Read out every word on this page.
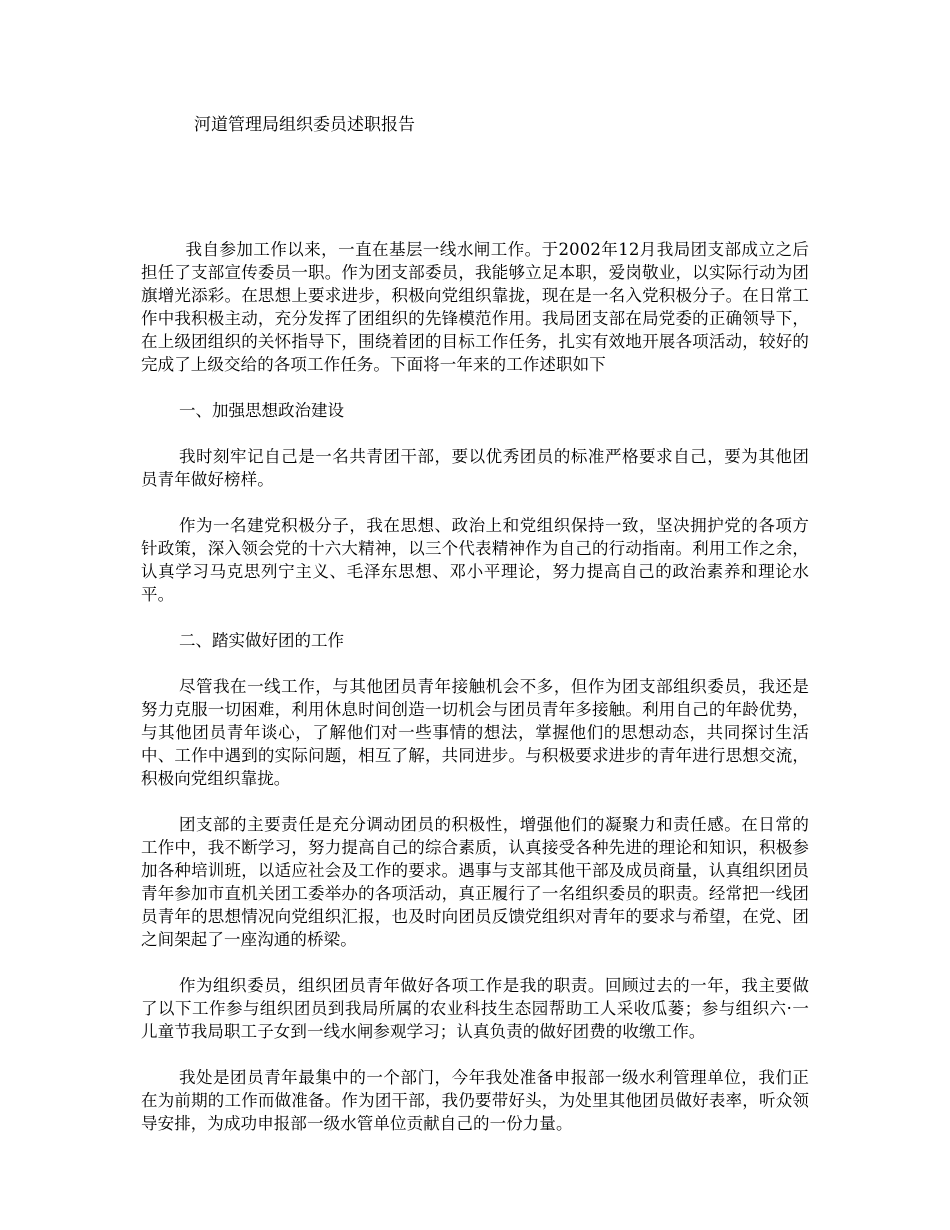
河道管理局组织委员述职报告

我自参加工作以来，一直在基层一线水闸工作。于2002年12月我局团支部成立之后担任了支部宣传委员一职。作为团支部委员，我能够立足本职，爱岗敬业，以实际行动为团旗增光添彩。在思想上要求进步，积极向党组织靠拢，现在是一名入党积极分子。在日常工作中我积极主动，充分发挥了团组织的先锋模范作用。我局团支部在局党委的正确领导下，在上级团组织的关怀指导下，围绕着团的目标工作任务，扎实有效地开展各项活动，较好的完成了上级交给的各项工作任务。下面将一年来的工作述职如下

一、加强思想政治建设

我时刻牢记自己是一名共青团干部，要以优秀团员的标准严格要求自己，要为其他团员青年做好榜样。

作为一名建党积极分子，我在思想、政治上和党组织保持一致，坚决拥护党的各项方针政策，深入领会党的十六大精神，以三个代表精神作为自己的行动指南。利用工作之余，认真学习马克思列宁主义、毛泽东思想、邓小平理论，努力提高自己的政治素养和理论水平。

二、踏实做好团的工作

尽管我在一线工作，与其他团员青年接触机会不多，但作为团支部组织委员，我还是努力克服一切困难，利用休息时间创造一切机会与团员青年多接触。利用自己的年龄优势，与其他团员青年谈心，了解他们对一些事情的想法，掌握他们的思想动态，共同探讨生活中、工作中遇到的实际问题，相互了解，共同进步。与积极要求进步的青年进行思想交流，积极向党组织靠拢。

团支部的主要责任是充分调动团员的积极性，增强他们的凝聚力和责任感。在日常的工作中，我不断学习，努力提高自己的综合素质，认真接受各种先进的理论和知识，积极参加各种培训班，以适应社会及工作的要求。遇事与支部其他干部及成员商量，认真组织团员青年参加市直机关团工委举办的各项活动，真正履行了一名组织委员的职责。经常把一线团员青年的思想情况向党组织汇报，也及时向团员反馈党组织对青年的要求与希望，在党、团之间架起了一座沟通的桥梁。

作为组织委员，组织团员青年做好各项工作是我的职责。回顾过去的一年，我主要做了以下工作参与组织团员到我局所属的农业科技生态园帮助工人采收瓜蒌；参与组织六·一儿童节我局职工子女到一线水闸参观学习；认真负责的做好团费的收缴工作。

我处是团员青年最集中的一个部门，今年我处准备申报部一级水利管理单位，我们正在为前期的工作而做准备。作为团干部，我仍要带好头，为处里其他团员做好表率，听众领导安排，为成功申报部一级水管单位贡献自己的一份力量。
